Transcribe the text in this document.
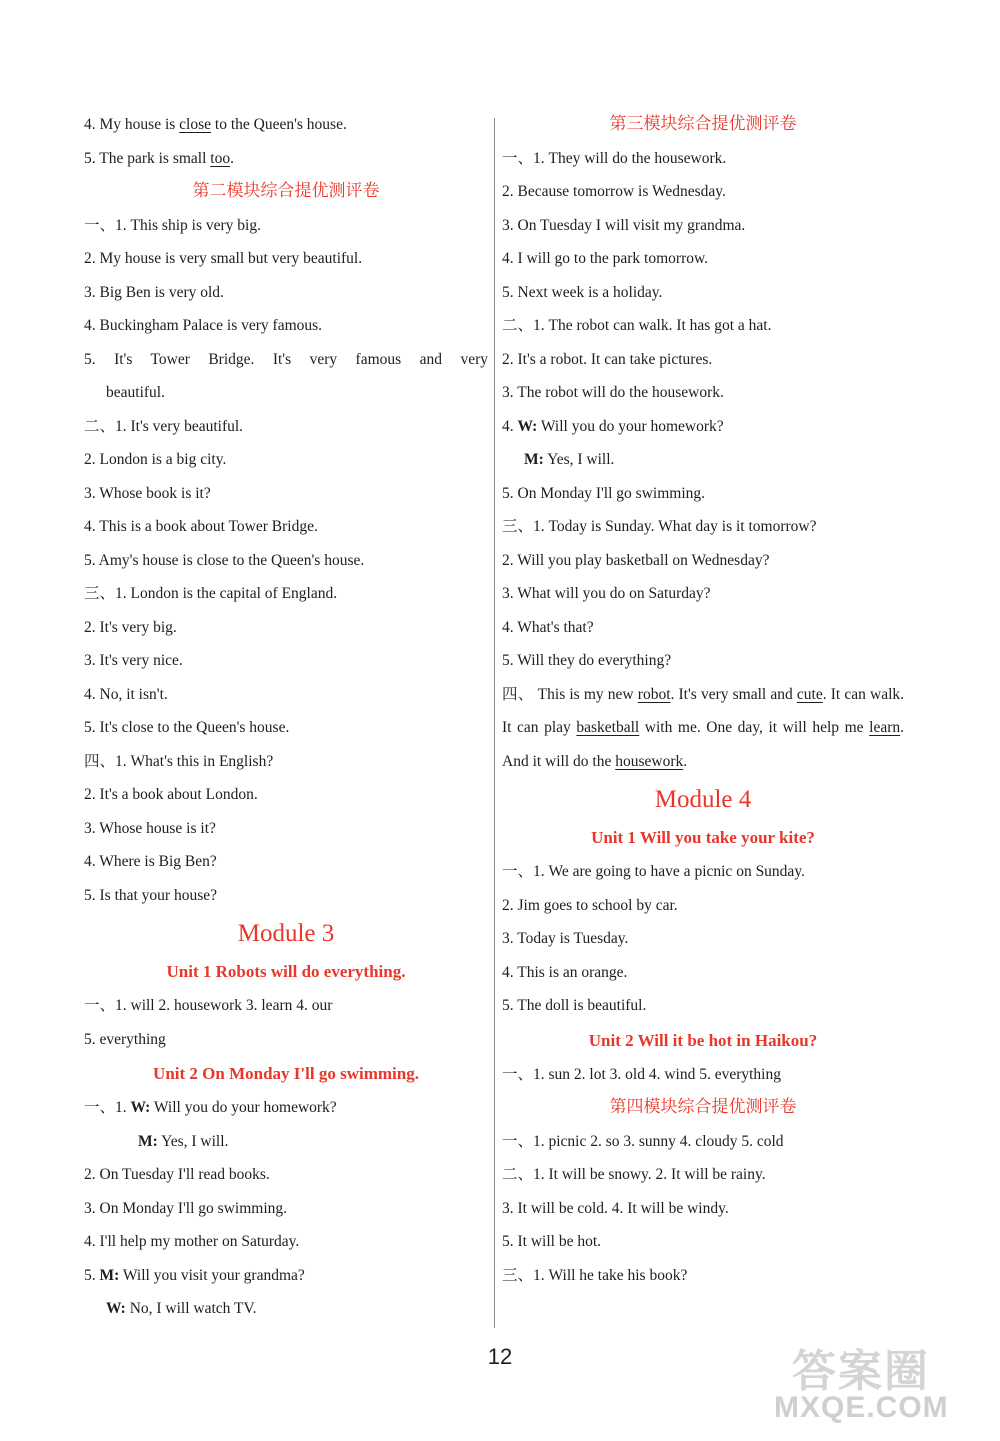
4. My house is close to the Queen's house.
5. The park is small too.
第二模块综合提优测评卷
一、1. This ship is very big.
2. My house is very small but very beautiful.
3. Big Ben is very old.
4. Buckingham Palace is very famous.
5. It's Tower Bridge. It's very famous and very
beautiful.
二、1. It's very beautiful.
2. London is a big city.
3. Whose book is it?
4. This is a book about Tower Bridge.
5. Amy's house is close to the Queen's house.
三、1. London is the capital of England.
2. It's very big.
3. It's very nice.
4. No, it isn't.
5. It's close to the Queen's house.
四、1. What's this in English?
2. It's a book about London.
3. Whose house is it?
4. Where is Big Ben?
5. Is that your house?
Module 3
Unit 1 Robots will do everything.
一、1. will 2. housework 3. learn 4. our
5. everything
Unit 2 On Monday I'll go swimming.
一、1. W: Will you do your homework?
M: Yes, I will.
2. On Tuesday I'll read books.
3. On Monday I'll go swimming.
4. I'll help my mother on Saturday.
5. M: Will you visit your grandma?
W: No, I will watch TV.
第三模块综合提优测评卷
一、1. They will do the housework.
2. Because tomorrow is Wednesday.
3. On Tuesday I will visit my grandma.
4. I will go to the park tomorrow.
5. Next week is a holiday.
二、1. The robot can walk. It has got a hat.
2. It's a robot. It can take pictures.
3. The robot will do the housework.
4. W: Will you do your homework?
M: Yes, I will.
5. On Monday I'll go swimming.
三、1. Today is Sunday. What day is it tomorrow?
2. Will you play basketball on Wednesday?
3. What will you do on Saturday?
4. What's that?
5. Will they do everything?
四、 This is my new robot. It's very small and cute. It can walk. It can play basketball with me. One day, it will help me learn. And it will do the housework.
Module 4
Unit 1 Will you take your kite?
一、1. We are going to have a picnic on Sunday.
2. Jim goes to school by car.
3. Today is Tuesday.
4. This is an orange.
5. The doll is beautiful.
Unit 2 Will it be hot in Haikou?
一、1. sun 2. lot 3. old 4. wind 5. everything
第四模块综合提优测评卷
一、1. picnic 2. so 3. sunny 4. cloudy 5. cold
二、1. It will be snowy. 2. It will be rainy.
3. It will be cold. 4. It will be windy.
5. It will be hot.
三、1. Will he take his book?
12	答案圈
MXQE.COM
